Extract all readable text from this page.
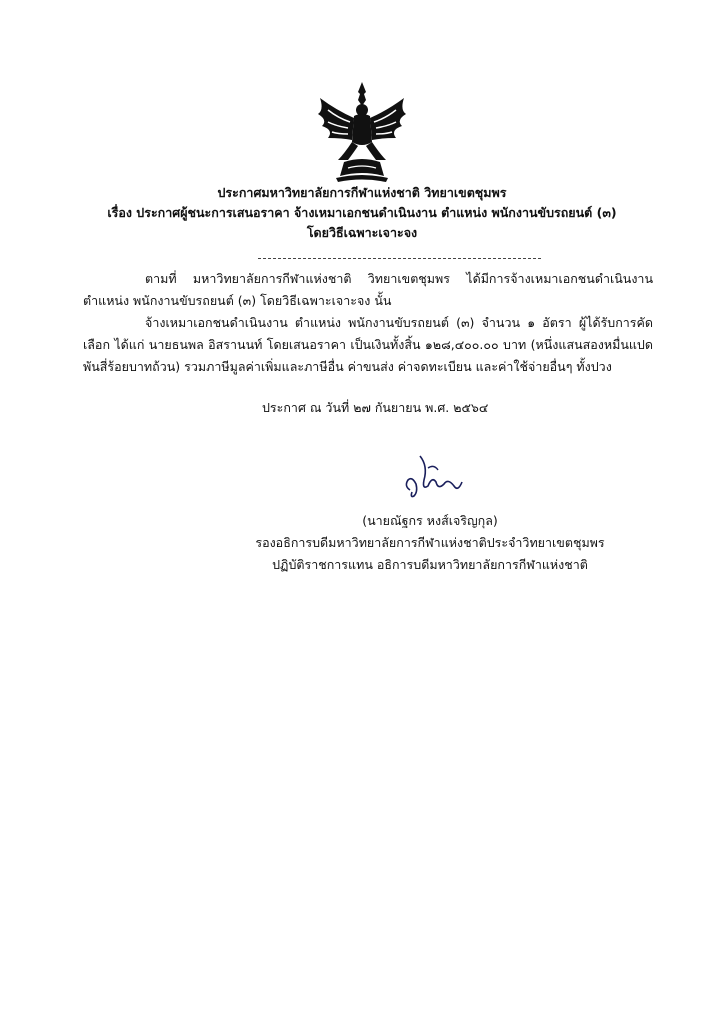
ประกาศมหาวิทยาลัยการกีฬาแห่งชาติ วิทยาเขตชุมพร
เรื่อง ประกาศผู้ชนะการเสนอราคา จ้างเหมาเอกชนดำเนินงาน ตำแหน่ง พนักงานขับรถยนต์ (๓)
โดยวิธีเฉพาะเจาะจง

ตามที่ มหาวิทยาลัยการกีฬาแห่งชาติ วิทยาเขตชุมพร ได้มีการจ้างเหมาเอกชนดำเนินงาน ตำแหน่ง พนักงานขับรถยนต์ (๓) โดยวิธีเฉพาะเจาะจง นั้น

จ้างเหมาเอกชนดำเนินงาน ตำแหน่ง พนักงานขับรถยนต์ (๓) จำนวน ๑ อัตรา ผู้ได้รับการคัดเลือก ได้แก่ นายธนพล อิสรานนท์ โดยเสนอราคา เป็นเงินทั้งสิ้น ๑๒๘,๔๐๐.๐๐ บาท (หนึ่งแสนสองหมื่นแปดพันสี่ร้อยบาทถ้วน) รวมภาษีมูลค่าเพิ่มและภาษีอื่น ค่าขนส่ง ค่าจดทะเบียน และค่าใช้จ่ายอื่นๆ ทั้งปวง

ประกาศ ณ วันที่ ๒๗ กันยายน พ.ศ. ๒๕๖๔
(นายณัฐกร หงส์เจริญกุล)
รองอธิการบดีมหาวิทยาลัยการกีฬาแห่งชาติประจำวิทยาเขตชุมพร
ปฏิบัติราชการแทน อธิการบดีมหาวิทยาลัยการกีฬาแห่งชาติ
